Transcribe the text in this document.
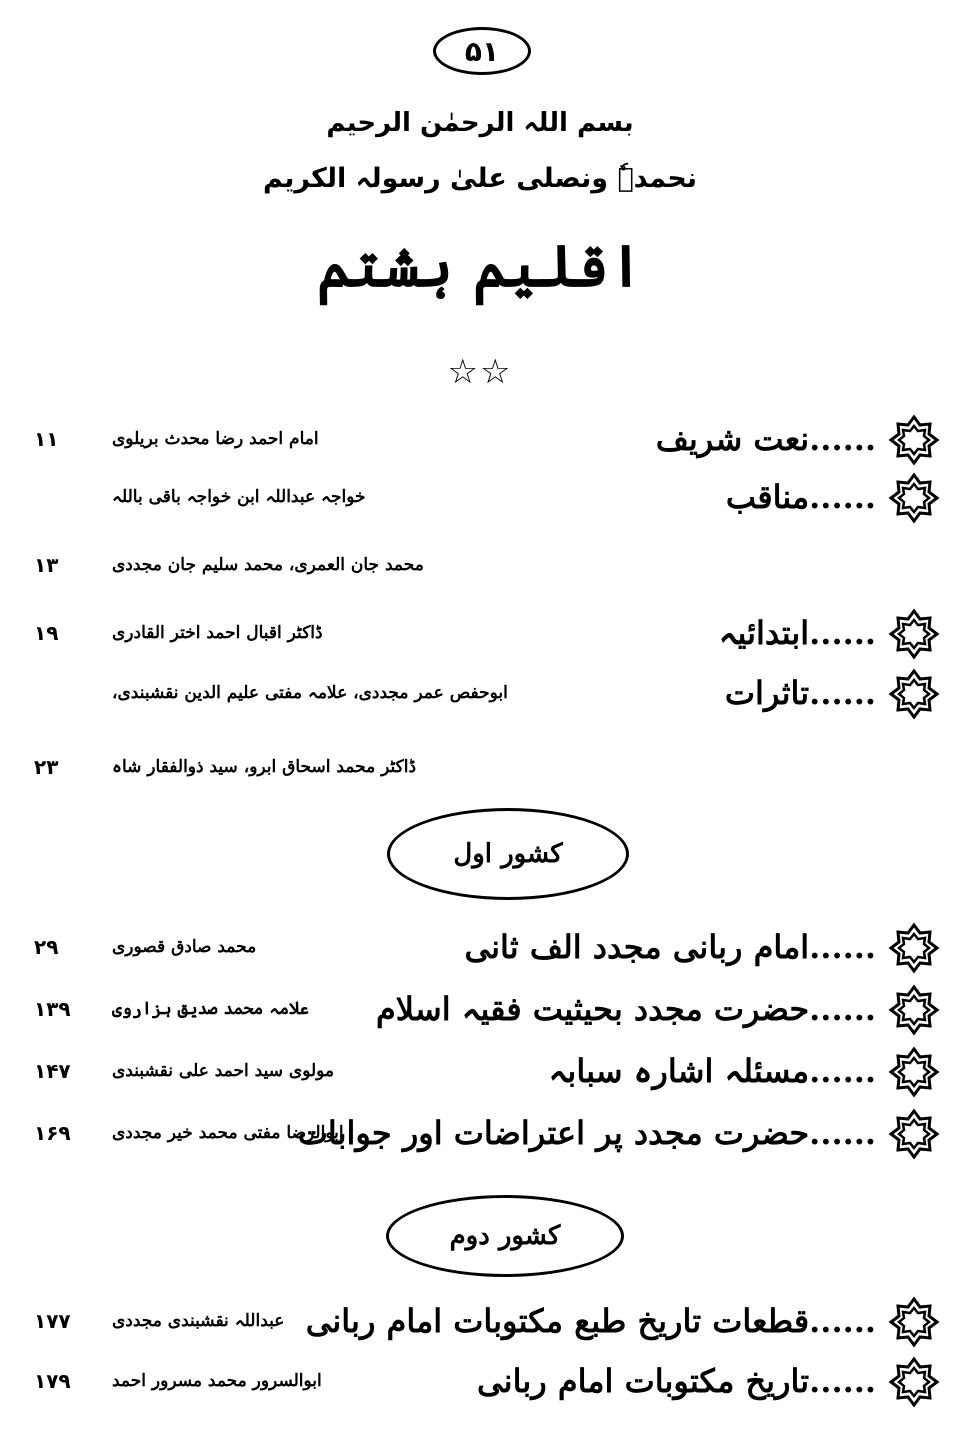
۵۱
بسم اللہ الرحمٰن الرحیم
نحمدہٗ ونصلی علیٰ رسولہ الکریم
اقلیم ہشتم
☆☆
......نعت شریف
امام احمد رضا محدث بریلوی
۱۱
......مناقب
خواجہ عبداللہ ابن خواجہ باقی باللہ
محمد جان العمری، محمد سلیم جان مجددی
۱۳
......ابتدائیہ
ڈاکٹر اقبال احمد اختر القادری
۱۹
......تاثرات
ابوحفص عمر مجددی، علامہ مفتی علیم الدین نقشبندی،
ڈاکٹر محمد اسحاق ابرو، سید ذوالفقار شاہ
۲۳
کشور اول
......امام ربانی مجدد الف ثانی
محمد صادق قصوری
۲۹
......حضرت مجدد بحیثیت فقیہ اسلام
علامہ محمد صدیق ہزاروی
۱۳۹
......مسئلہ اشارہ سبابہ
مولوی سید احمد علی نقشبندی
۱۴۷
......حضرت مجدد پر اعتراضات اور جوابات
ابوالرضا مفتی محمد خیر مجددی
۱۶۹
کشور دوم
......قطعات تاریخ طبع مکتوبات امام ربانی
عبداللہ نقشبندی مجددی
۱۷۷
......تاریخ مکتوبات امام ربانی
ابوالسرور محمد مسرور احمد
۱۷۹
